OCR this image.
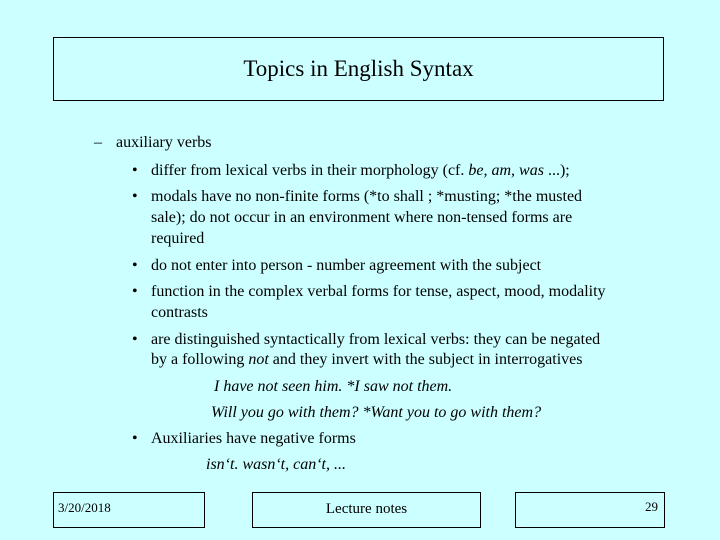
Topics in English Syntax
– auxiliary verbs
• differ from lexical verbs in their morphology (cf. be, am, was ...);
• modals have no non-finite forms (*to shall ; *musting; *the musted
sale); do not occur in an environment where non-tensed forms are
required
• do not enter into person - number agreement with the subject
• function in the complex verbal forms for tense, aspect, mood, modality
contrasts
• are distinguished syntactically from lexical verbs: they can be negated
by a following not and they invert with the subject in interrogatives
I have not seen him. *I saw not them.
Will you go with them? *Want you to go with them?
• Auxiliaries have negative forms
isn‘t. wasn‘t, can‘t, ...
3/20/2018	Lecture notes	29
